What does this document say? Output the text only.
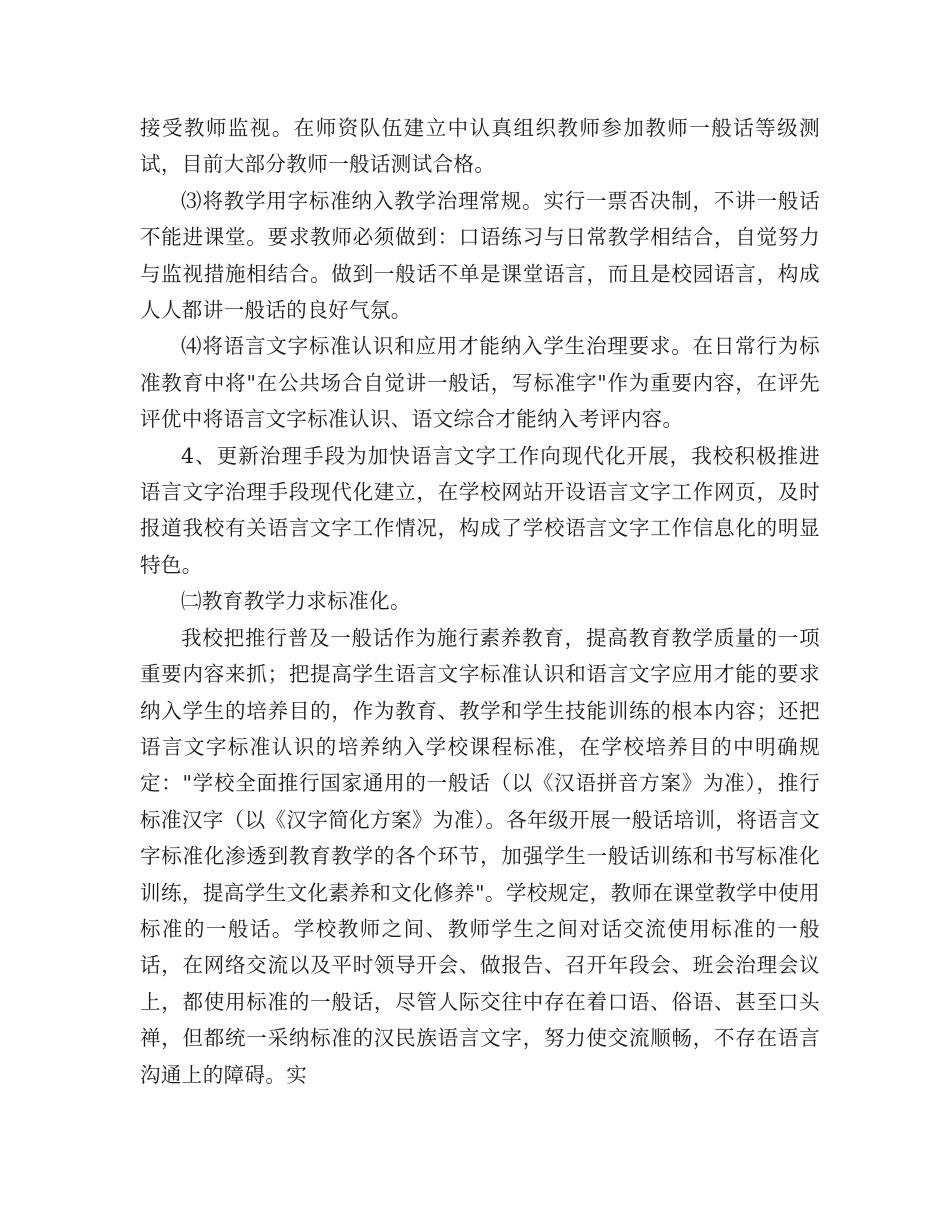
接受教师监视。在师资队伍建立中认真组织教师参加教师一般话等级测试，目前大部分教师一般话测试合格。

⑶将教学用字标准纳入教学治理常规。实行一票否决制，不讲一般话不能进课堂。要求教师必须做到：口语练习与日常教学相结合，自觉努力与监视措施相结合。做到一般话不单是课堂语言，而且是校园语言，构成人人都讲一般话的良好气氛。

⑷将语言文字标准认识和应用才能纳入学生治理要求。在日常行为标准教育中将"在公共场合自觉讲一般话，写标准字"作为重要内容，在评先评优中将语言文字标准认识、语文综合才能纳入考评内容。

4、更新治理手段为加快语言文字工作向现代化开展，我校积极推进语言文字治理手段现代化建立，在学校网站开设语言文字工作网页，及时报道我校有关语言文字工作情况，构成了学校语言文字工作信息化的明显特色。

㈡教育教学力求标准化。

我校把推行普及一般话作为施行素养教育，提高教育教学质量的一项重要内容来抓；把提高学生语言文字标准认识和语言文字应用才能的要求纳入学生的培养目的，作为教育、教学和学生技能训练的根本内容；还把语言文字标准认识的培养纳入学校课程标准，在学校培养目的中明确规定："学校全面推行国家通用的一般话（以《汉语拼音方案》为准），推行标准汉字（以《汉字简化方案》为准）。各年级开展一般话培训，将语言文字标准化渗透到教育教学的各个环节，加强学生一般话训练和书写标准化训练，提高学生文化素养和文化修养"。学校规定，教师在课堂教学中使用标准的一般话。学校教师之间、教师学生之间对话交流使用标准的一般话，在网络交流以及平时领导开会、做报告、召开年段会、班会治理会议上，都使用标准的一般话，尽管人际交往中存在着口语、俗语、甚至口头禅，但都统一采纳标准的汉民族语言文字，努力使交流顺畅，不存在语言沟通上的障碍。实
